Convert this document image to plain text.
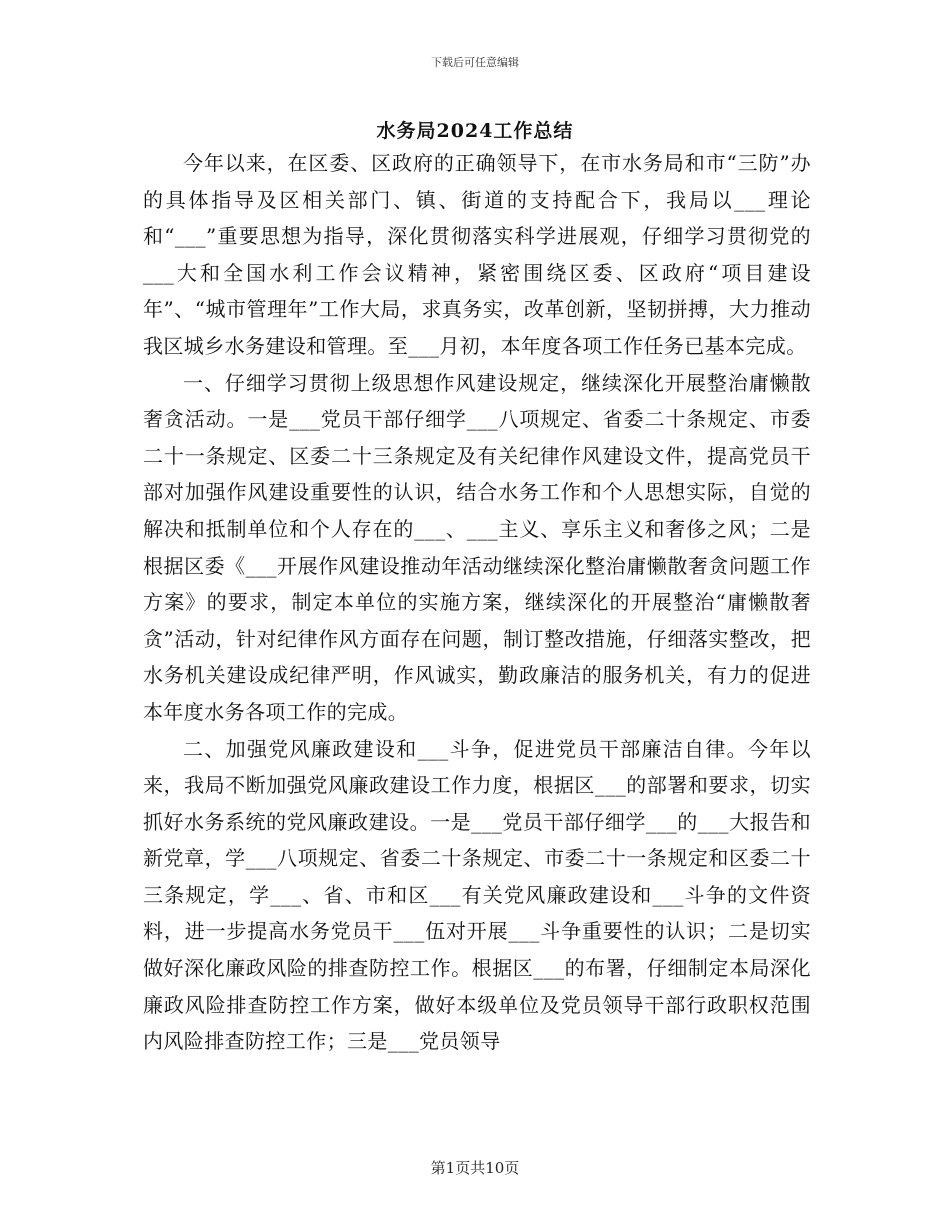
下载后可任意编辑
水务局2024工作总结

今年以来，在区委、区政府的正确领导下，在市水务局和市“三防”办的具体指导及区相关部门、镇、街道的支持配合下，我局以___理论和“___”重要思想为指导，深化贯彻落实科学进展观，仔细学习贯彻党的___大和全国水利工作会议精神，紧密围绕区委、区政府“项目建设年”、“城市管理年”工作大局，求真务实，改革创新，坚韧拼搏，大力推动我区城乡水务建设和管理。至___月初，本年度各项工作任务已基本完成。

一、仔细学习贯彻上级思想作风建设规定，继续深化开展整治庸懒散奢贪活动。一是___党员干部仔细学___八项规定、省委二十条规定、市委二十一条规定、区委二十三条规定及有关纪律作风建设文件，提高党员干部对加强作风建设重要性的认识，结合水务工作和个人思想实际，自觉的解决和抵制单位和个人存在的___、___主义、享乐主义和奢侈之风；二是根据区委《___开展作风建设推动年活动继续深化整治庸懒散奢贪问题工作方案》的要求，制定本单位的实施方案，继续深化的开展整治“庸懒散奢贪”活动，针对纪律作风方面存在问题，制订整改措施，仔细落实整改，把水务机关建设成纪律严明，作风诚实，勤政廉洁的服务机关，有力的促进本年度水务各项工作的完成。

二、加强党风廉政建设和___斗争，促进党员干部廉洁自律。今年以来，我局不断加强党风廉政建设工作力度，根据区___的部署和要求，切实抓好水务系统的党风廉政建设。一是___党员干部仔细学___的___大报告和新党章，学___八项规定、省委二十条规定、市委二十一条规定和区委二十三条规定，学___、省、市和区___有关党风廉政建设和___斗争的文件资料，进一步提高水务党员干___伍对开展___斗争重要性的认识；二是切实做好深化廉政风险的排查防控工作。根据区___的布署，仔细制定本局深化廉政风险排查防控工作方案，做好本级单位及党员领导干部行政职权范围内风险排查防控工作；三是___党员领导

第1页共10页
